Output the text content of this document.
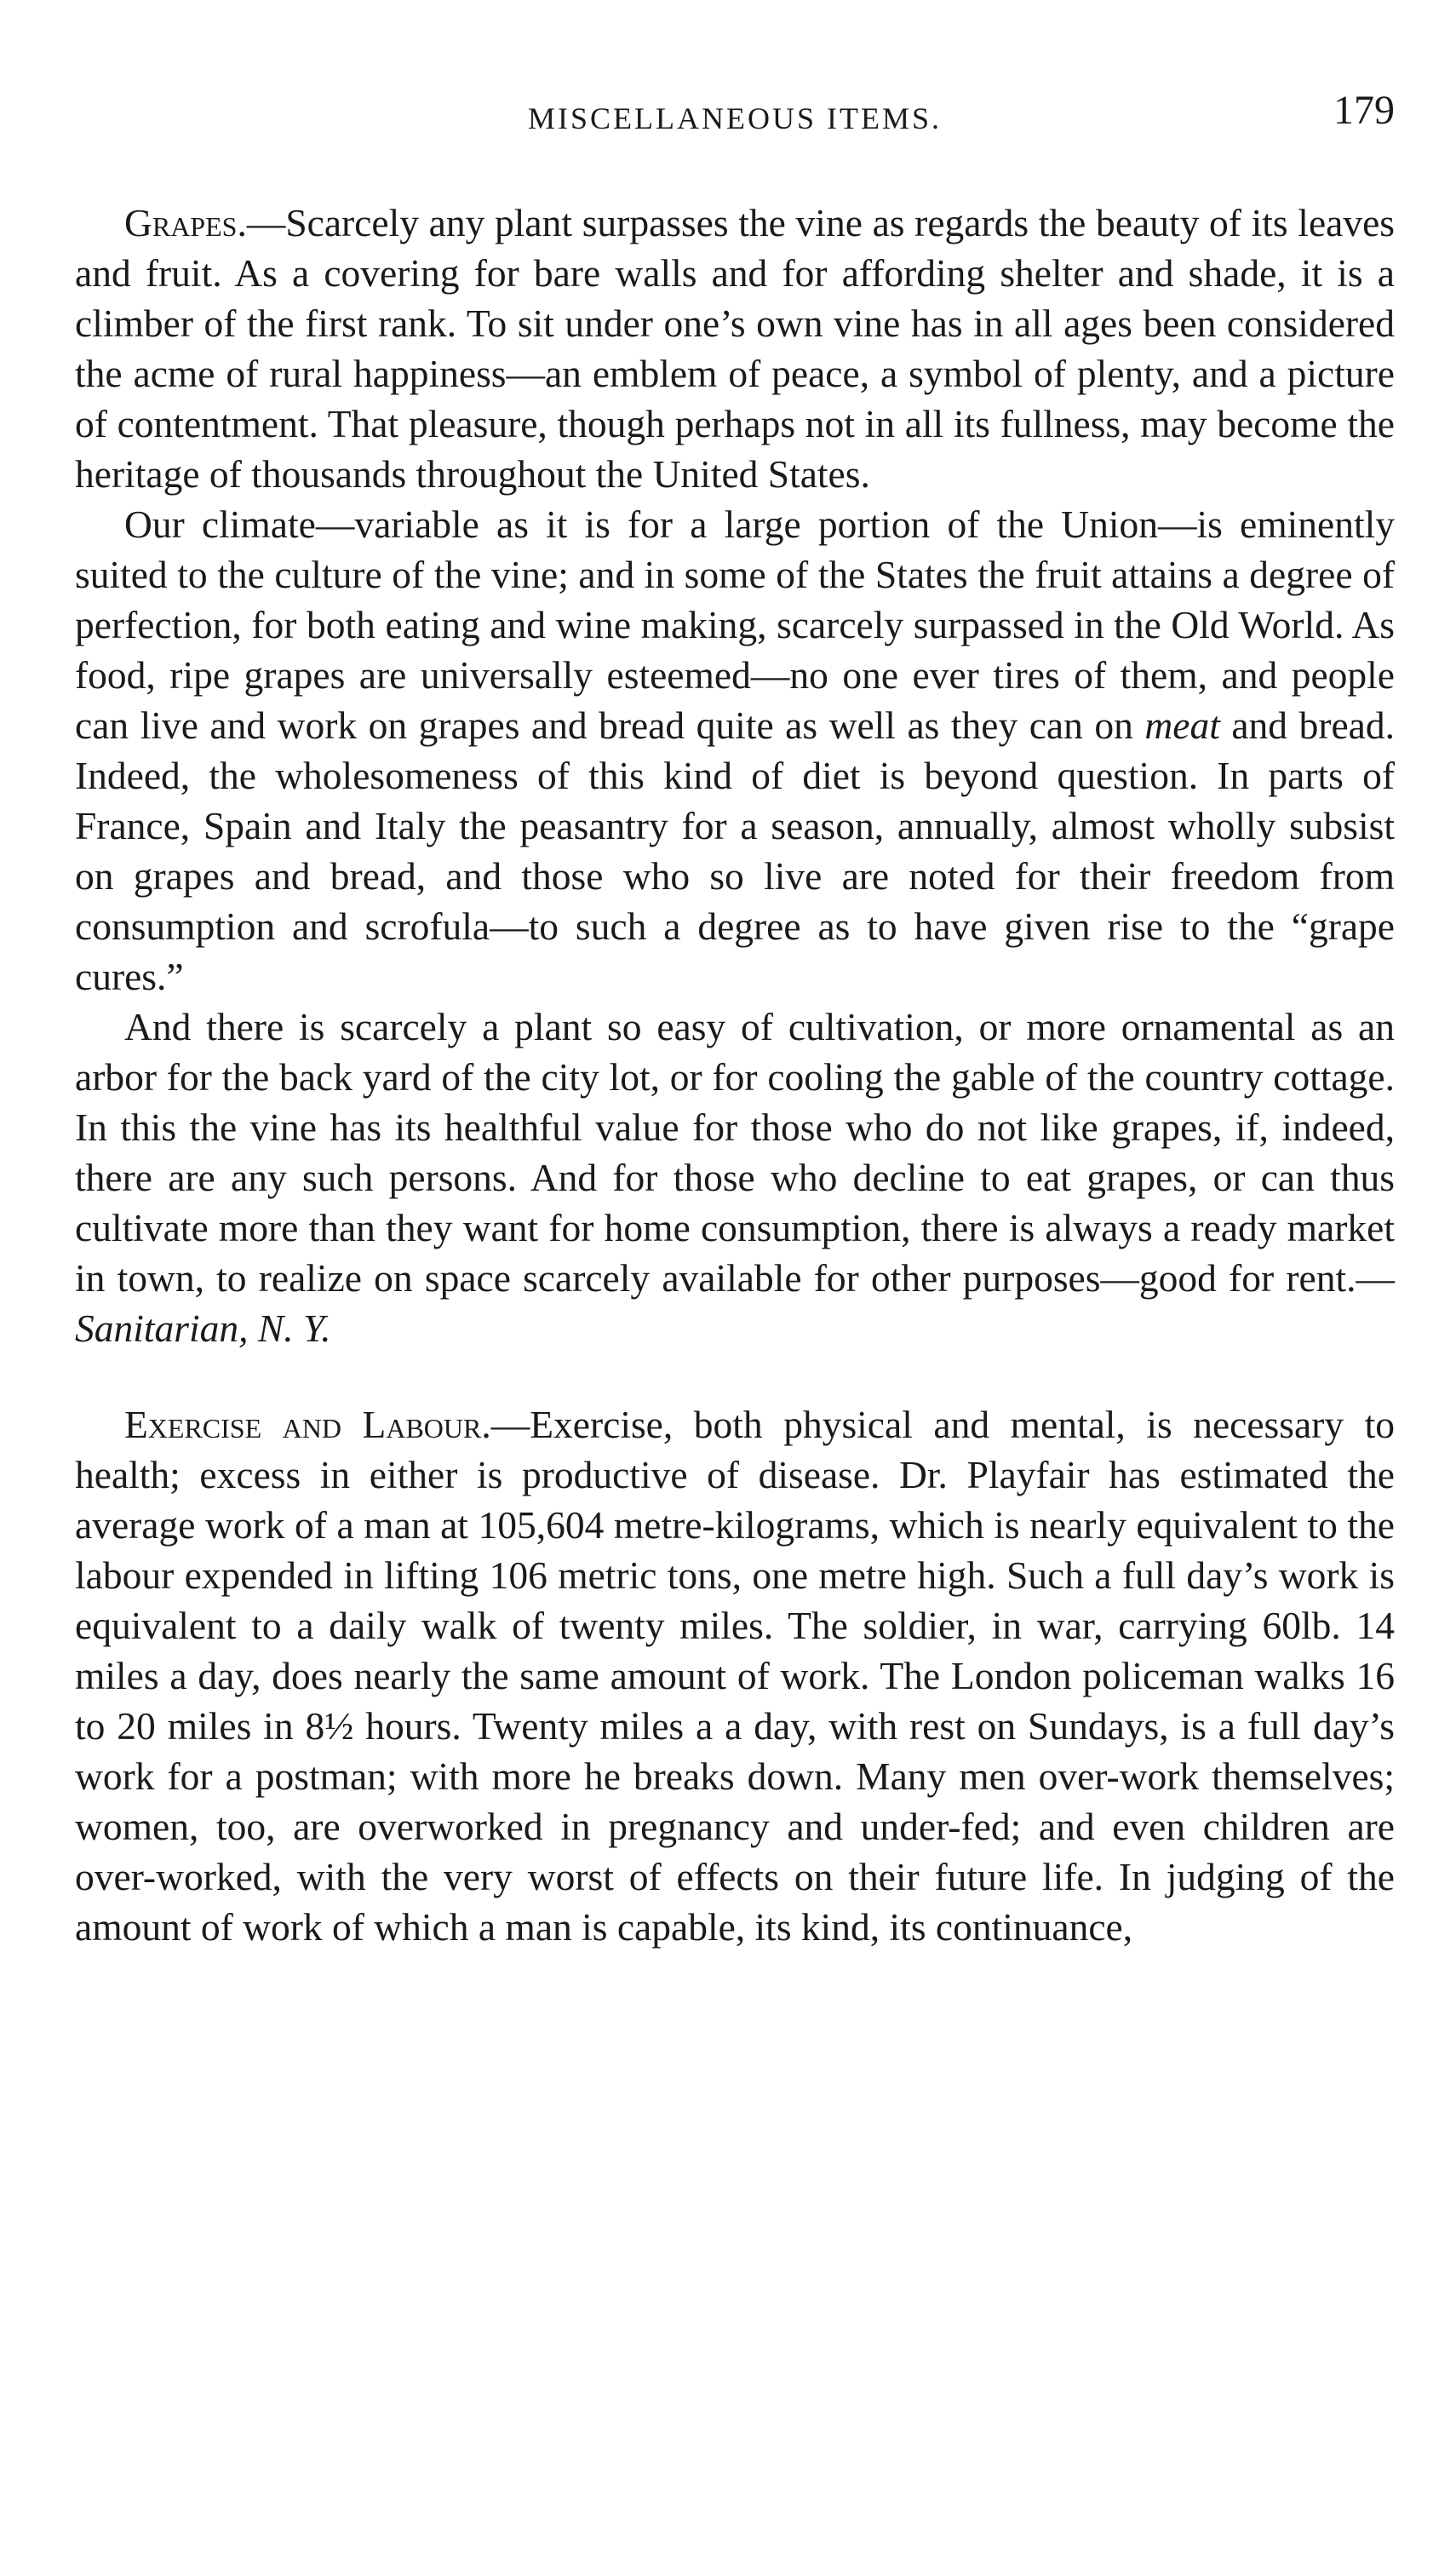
MISCELLANEOUS ITEMS.	179

Grapes.—Scarcely any plant surpasses the vine as regards the beauty of its leaves and fruit. As a covering for bare walls and for affording shelter and shade, it is a climber of the first rank. To sit under one’s own vine has in all ages been considered the acme of rural happiness—an emblem of peace, a symbol of plenty, and a picture of contentment. That pleasure, though perhaps not in all its fullness, may become the heritage of thousands throughout the United States.

Our climate—variable as it is for a large portion of the Union—is eminently suited to the culture of the vine; and in some of the States the fruit attains a degree of perfection, for both eating and wine making, scarcely surpassed in the Old World. As food, ripe grapes are universally esteemed—no one ever tires of them, and people can live and work on grapes and bread quite as well as they can on meat and bread. Indeed, the wholesomeness of this kind of diet is beyond question. In parts of France, Spain and Italy the peasantry for a season, annually, almost wholly subsist on grapes and bread, and those who so live are noted for their freedom from consumption and scrofula—to such a degree as to have given rise to the “grape cures.”

And there is scarcely a plant so easy of cultivation, or more ornamental as an arbor for the back yard of the city lot, or for cooling the gable of the country cottage. In this the vine has its healthful value for those who do not like grapes, if, indeed, there are any such persons. And for those who decline to eat grapes, or can thus cultivate more than they want for home consumption, there is always a ready market in town, to realize on space scarcely available for other purposes—good for rent.—Sanitarian, N. Y.

Exercise and Labour.—Exercise, both physical and mental, is necessary to health; excess in either is productive of disease. Dr. Playfair has estimated the average work of a man at 105,604 metre-kilograms, which is nearly equivalent to the labour expended in lifting 106 metric tons, one metre high. Such a full day’s work is equivalent to a daily walk of twenty miles. The soldier, in war, carrying 60lb. 14 miles a day, does nearly the same amount of work. The London policeman walks 16 to 20 miles in 8½ hours. Twenty miles a a day, with rest on Sundays, is a full day’s work for a postman; with more he breaks down. Many men over-work themselves; women, too, are overworked in pregnancy and under-fed; and even children are over-worked, with the very worst of effects on their future life. In judging of the amount of work of which a man is capable, its kind, its continuance,
